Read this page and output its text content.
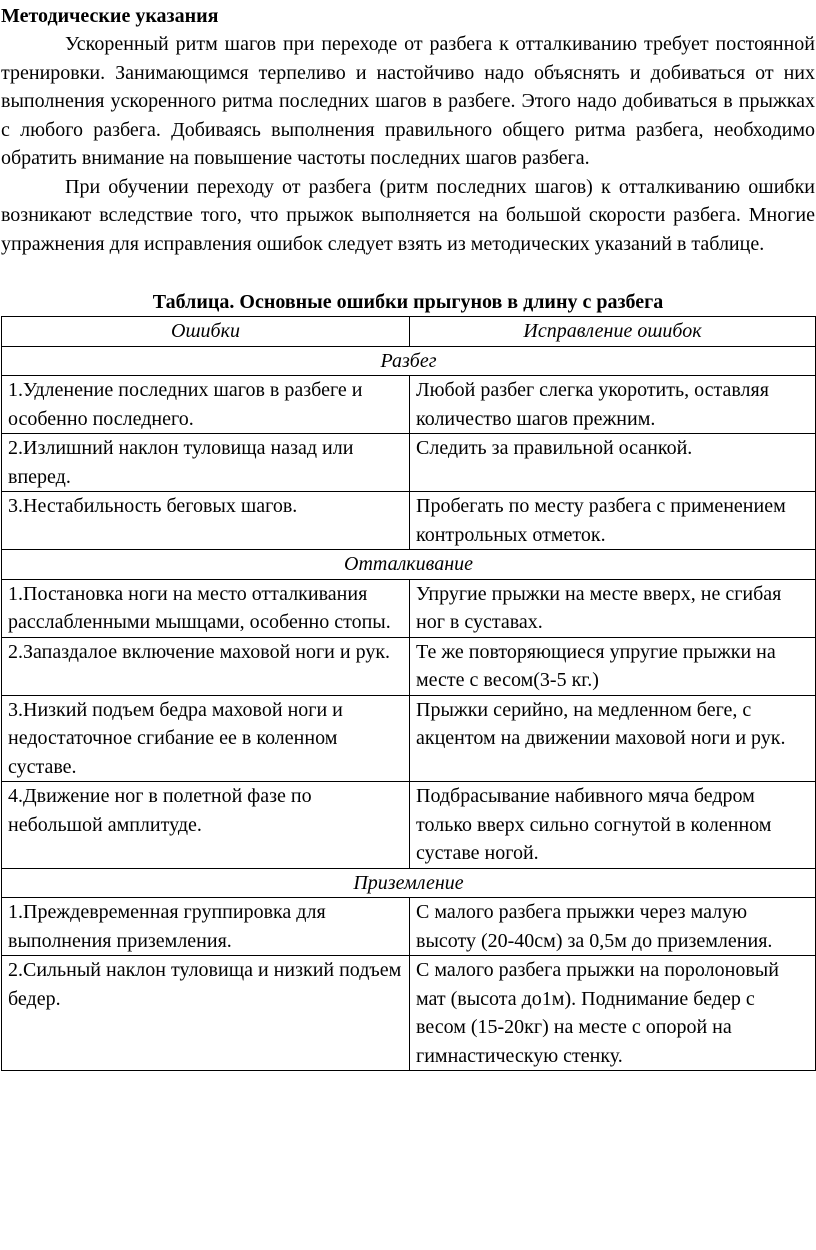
Методические указания

Ускоренный ритм шагов при переходе от разбега к отталкиванию требует постоянной тренировки. Занимающимся терпеливо и настойчиво надо объяснять и добиваться от них выполнения ускоренного ритма последних шагов в разбеге. Этого надо добиваться в прыжках с любого разбега. Добиваясь выполнения правильного общего ритма разбега, необходимо обратить внимание на повышение частоты последних шагов разбега.

При обучении переходу от разбега (ритм последних шагов) к отталкиванию ошибки возникают вследствие того, что прыжок выполняется на большой скорости разбега. Многие упражнения для исправления ошибок следует взять из методических указаний в таблице.

Таблица. Основные ошибки прыгунов в длину с разбега

Ошибки	Исправление ошибок
Разбег	
1.Удленение последних шагов в разбеге и особенно последнего.	Любой разбег слегка укоротить, оставляя количество шагов прежним.
2.Излишний наклон туловища назад или вперед.	Следить за правильной осанкой.
3.Нестабильность беговых шагов.	Пробегать по месту разбега с применением контрольных отметок.
Отталкивание	
1.Постановка ноги на место отталкивания расслабленными мышцами, особенно стопы.	Упругие прыжки на месте вверх, не сгибая ног в суставах.
2.Запаздалое включение маховой ноги и рук.	Те же повторяющиеся упругие прыжки на месте с весом(3-5 кг.)
3.Низкий подъем бедра маховой ноги и недостаточное сгибание ее в коленном суставе.	Прыжки серийно, на медленном беге, с акцентом на движении маховой ноги и рук.
4.Движение ног в полетной фазе по небольшой амплитуде.	Подбрасывание набивного мяча бедром только вверх сильно согнутой в коленном суставе ногой.
Приземление	
1.Преждевременная группировка для выполнения приземления.	С малого разбега прыжки через малую высоту (20-40см) за 0,5м до приземления.
2.Сильный наклон туловища и низкий подъем бедер.	С малого разбега прыжки на поролоновый мат (высота до1м). Поднимание бедер с весом (15-20кг) на месте с опорой на гимнастическую стенку.
